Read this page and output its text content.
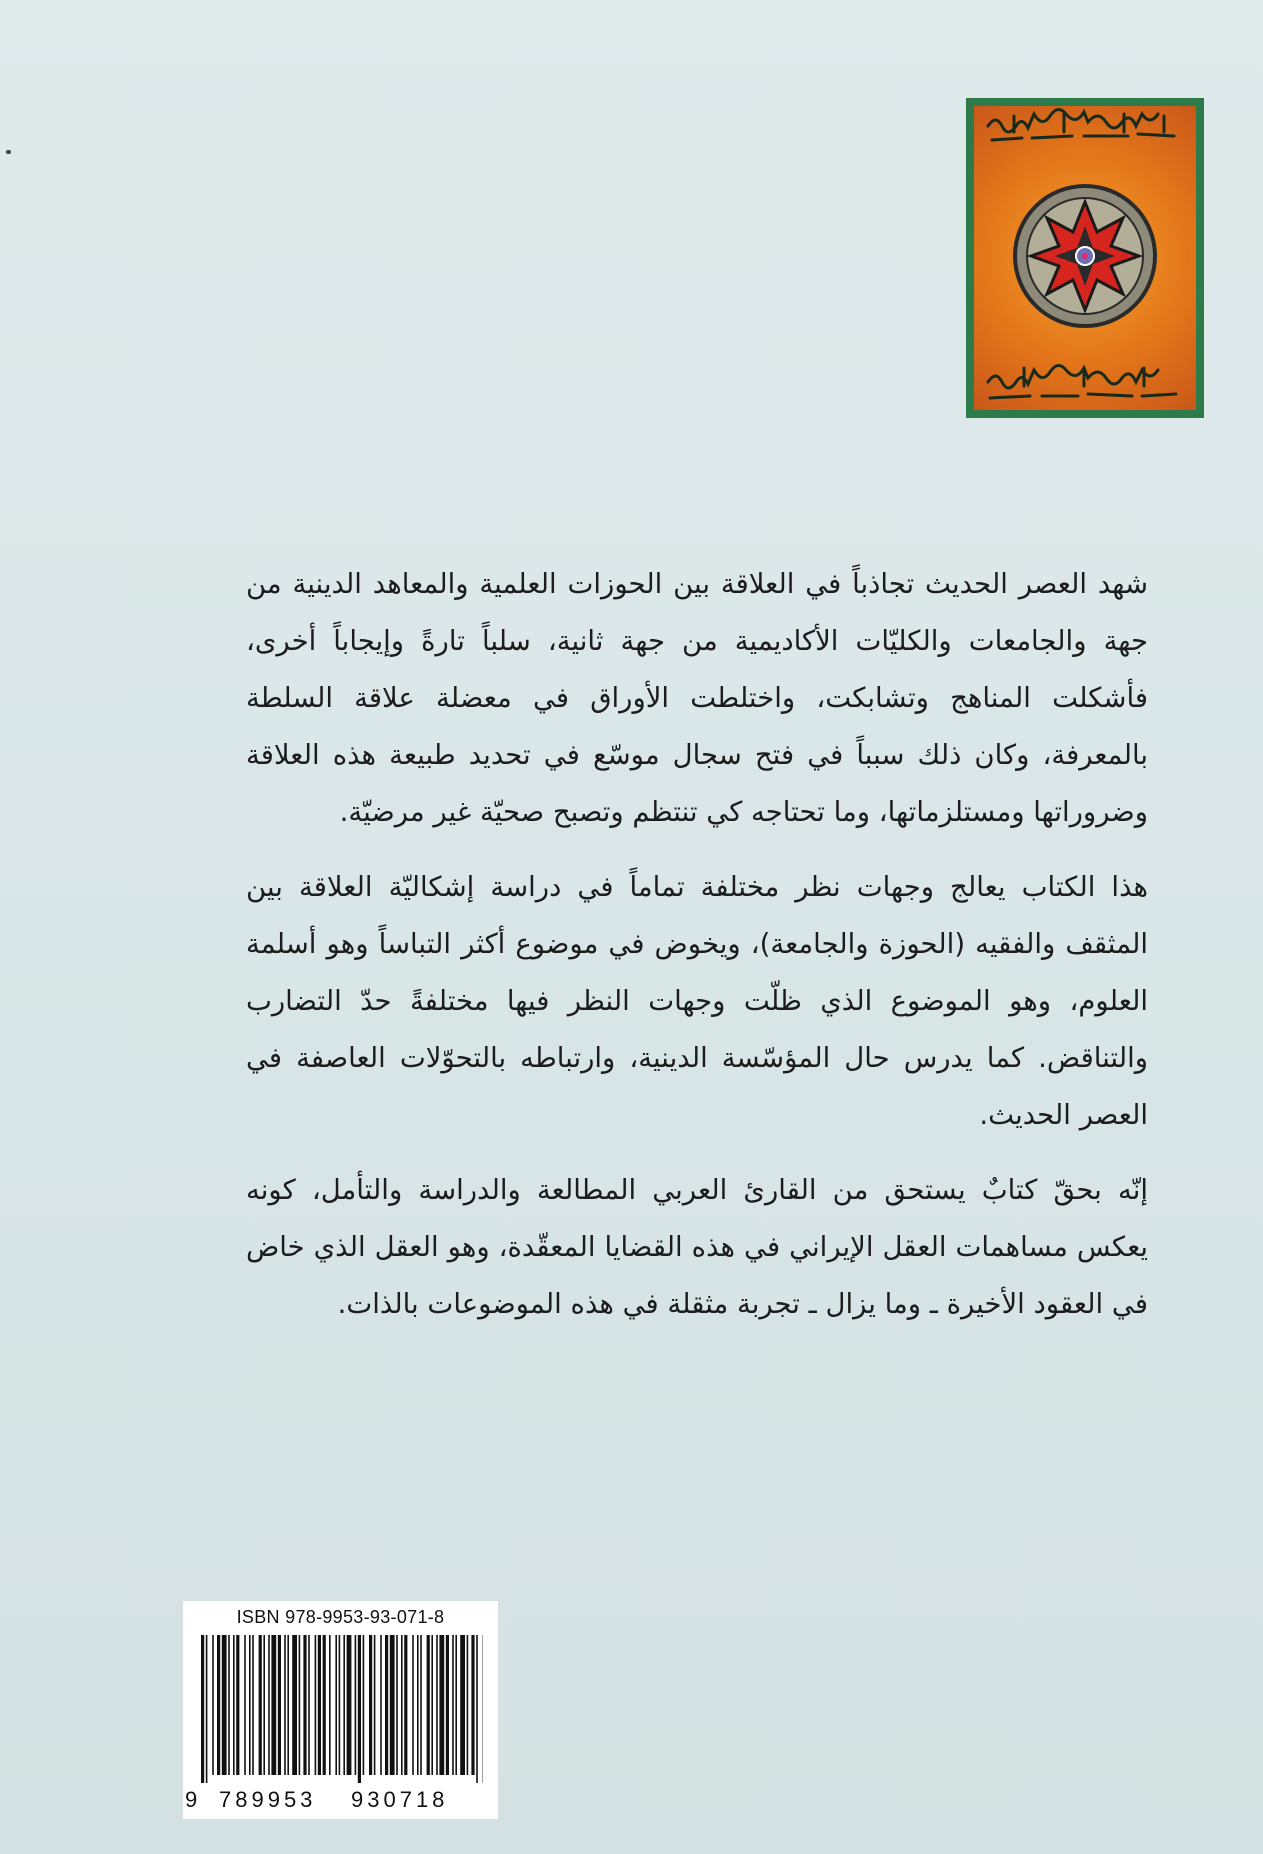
شهد العصر الحديث تجاذباً في العلاقة بين الحوزات العلمية والمعاهد الدينية من جهة والجامعات والكليّات الأكاديمية من جهة ثانية، سلباً تارةً وإيجاباً أخرى، فأشكلت المناهج وتشابكت، واختلطت الأوراق في معضلة علاقة السلطة بالمعرفة، وكان ذلك سبباً في فتح سجال موسّع في تحديد طبيعة هذه العلاقة وضروراتها ومستلزماتها، وما تحتاجه كي تنتظم وتصبح صحيّة غير مرضيّة.

هذا الكتاب يعالج وجهات نظر مختلفة تماماً في دراسة إشكاليّة العلاقة بين المثقف والفقيه (الحوزة والجامعة)، ويخوض في موضوع أكثر التباساً وهو أسلمة العلوم، وهو الموضوع الذي ظلّت وجهات النظر فيها مختلفةً حدّ التضارب والتناقض. كما يدرس حال المؤسّسة الدينية، وارتباطه بالتحوّلات العاصفة في العصر الحديث.

إنّه بحقّ كتابٌ يستحق من القارئ العربي المطالعة والدراسة والتأمل، كونه يعكس مساهمات العقل الإيراني في هذه القضايا المعقّدة، وهو العقل الذي خاض في العقود الأخيرة ـ وما يزال ـ تجربة مثقلة في هذه الموضوعات بالذات.

ISBN 978-9953-93-071-8
9 789953 930718
